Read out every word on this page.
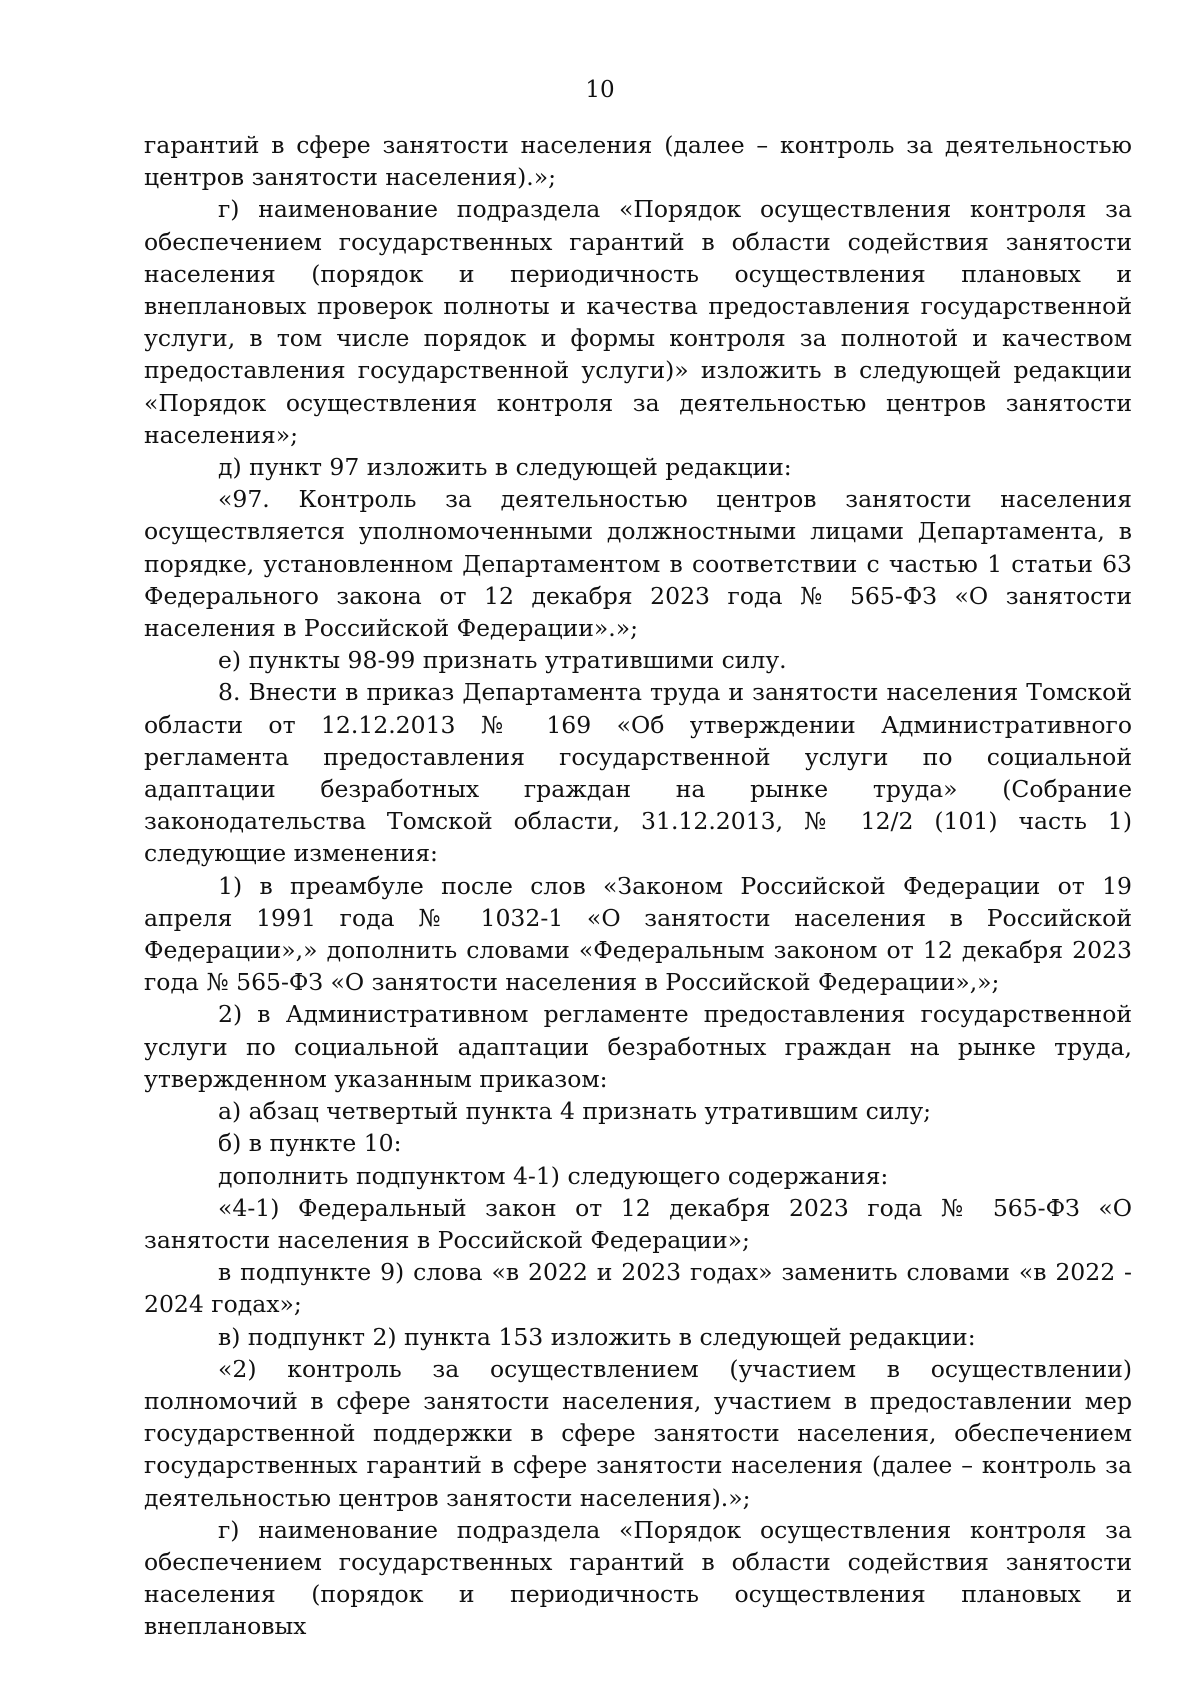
10

гарантий в сфере занятости населения (далее – контроль за деятельностью центров занятости населения).»;

г) наименование подраздела «Порядок осуществления контроля за обеспечением государственных гарантий в области содействия занятости населения (порядок и периодичность осуществления плановых и внеплановых проверок полноты и качества предоставления государственной услуги, в том числе порядок и формы контроля за полнотой и качеством предоставления государственной услуги)» изложить в следующей редакции «Порядок осуществления контроля за деятельностью центров занятости населения»;

д) пункт 97 изложить в следующей редакции:

«97. Контроль за деятельностью центров занятости населения осуществляется уполномоченными должностными лицами Департамента, в порядке, установленном Департаментом в соответствии с частью 1 статьи 63 Федерального закона от 12 декабря 2023 года № 565-ФЗ «О занятости населения в Российской Федерации».»;

е) пункты 98-99 признать утратившими силу.

8. Внести в приказ Департамента труда и занятости населения Томской области от 12.12.2013 № 169 «Об утверждении Административного регламента предоставления государственной услуги по социальной адаптации безработных граждан на рынке труда» (Собрание законодательства Томской области, 31.12.2013, № 12/2 (101) часть 1) следующие изменения:

1) в преамбуле после слов «Законом Российской Федерации от 19 апреля 1991 года № 1032-1 «О занятости населения в Российской Федерации»,» дополнить словами «Федеральным законом от 12 декабря 2023 года № 565-ФЗ «О занятости населения в Российской Федерации»,»;

2) в Административном регламенте предоставления государственной услуги по социальной адаптации безработных граждан на рынке труда, утвержденном указанным приказом:

а) абзац четвертый пункта 4 признать утратившим силу;

б) в пункте 10:

дополнить подпунктом 4-1) следующего содержания:

«4-1) Федеральный закон от 12 декабря 2023 года № 565-ФЗ «О занятости населения в Российской Федерации»;

в подпункте 9) слова «в 2022 и 2023 годах» заменить словами «в 2022 - 2024 годах»;

в) подпункт 2) пункта 153 изложить в следующей редакции:

«2) контроль за осуществлением (участием в осуществлении) полномочий в сфере занятости населения, участием в предоставлении мер государственной поддержки в сфере занятости населения, обеспечением государственных гарантий в сфере занятости населения (далее – контроль за деятельностью центров занятости населения).»;

г) наименование подраздела «Порядок осуществления контроля за обеспечением государственных гарантий в области содействия занятости населения (порядок и периодичность осуществления плановых и внеплановых
